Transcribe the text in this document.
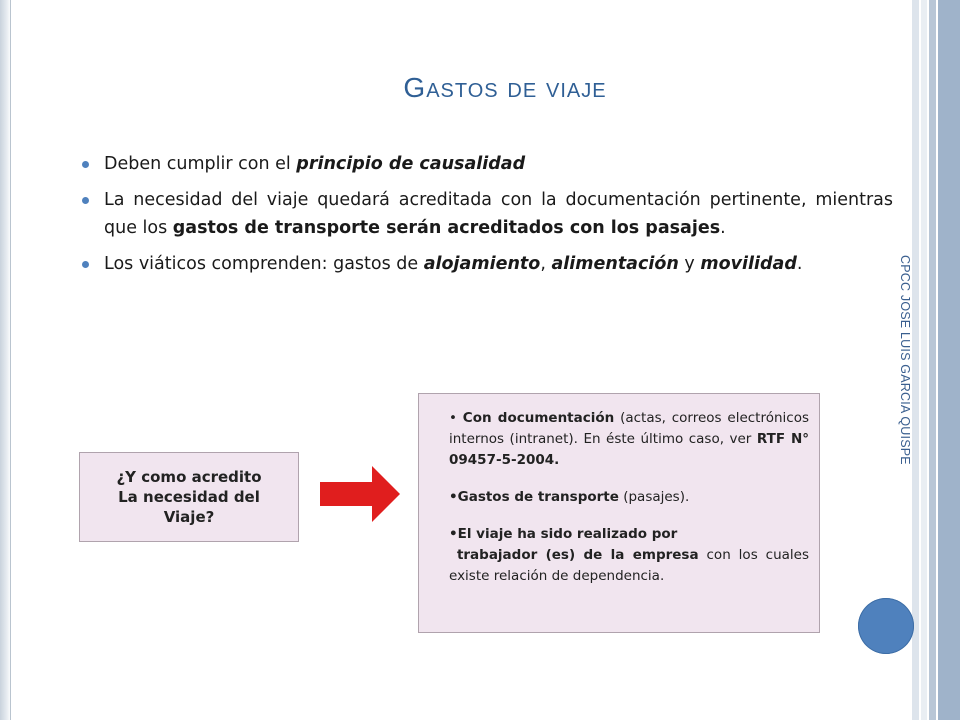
CPCC JOSE LUIS GARCIA QUISPE
Gastos de viaje
Deben cumplir con el principio de causalidad
La necesidad del viaje quedará acreditada con la documentación pertinente, mientras que los gastos de transporte serán acreditados con los pasajes.
Los viáticos comprenden: gastos de alojamiento, alimentación y movilidad.
¿Y como acredito
La necesidad del
Viaje?

• Con documentación (actas, correos electrónicos internos (intranet). En éste último caso, ver RTF N° 09457-5-2004.

•Gastos de transporte (pasajes).

•El viaje ha sido realizado por

trabajador (es) de la empresa con los cuales existe relación de dependencia.
